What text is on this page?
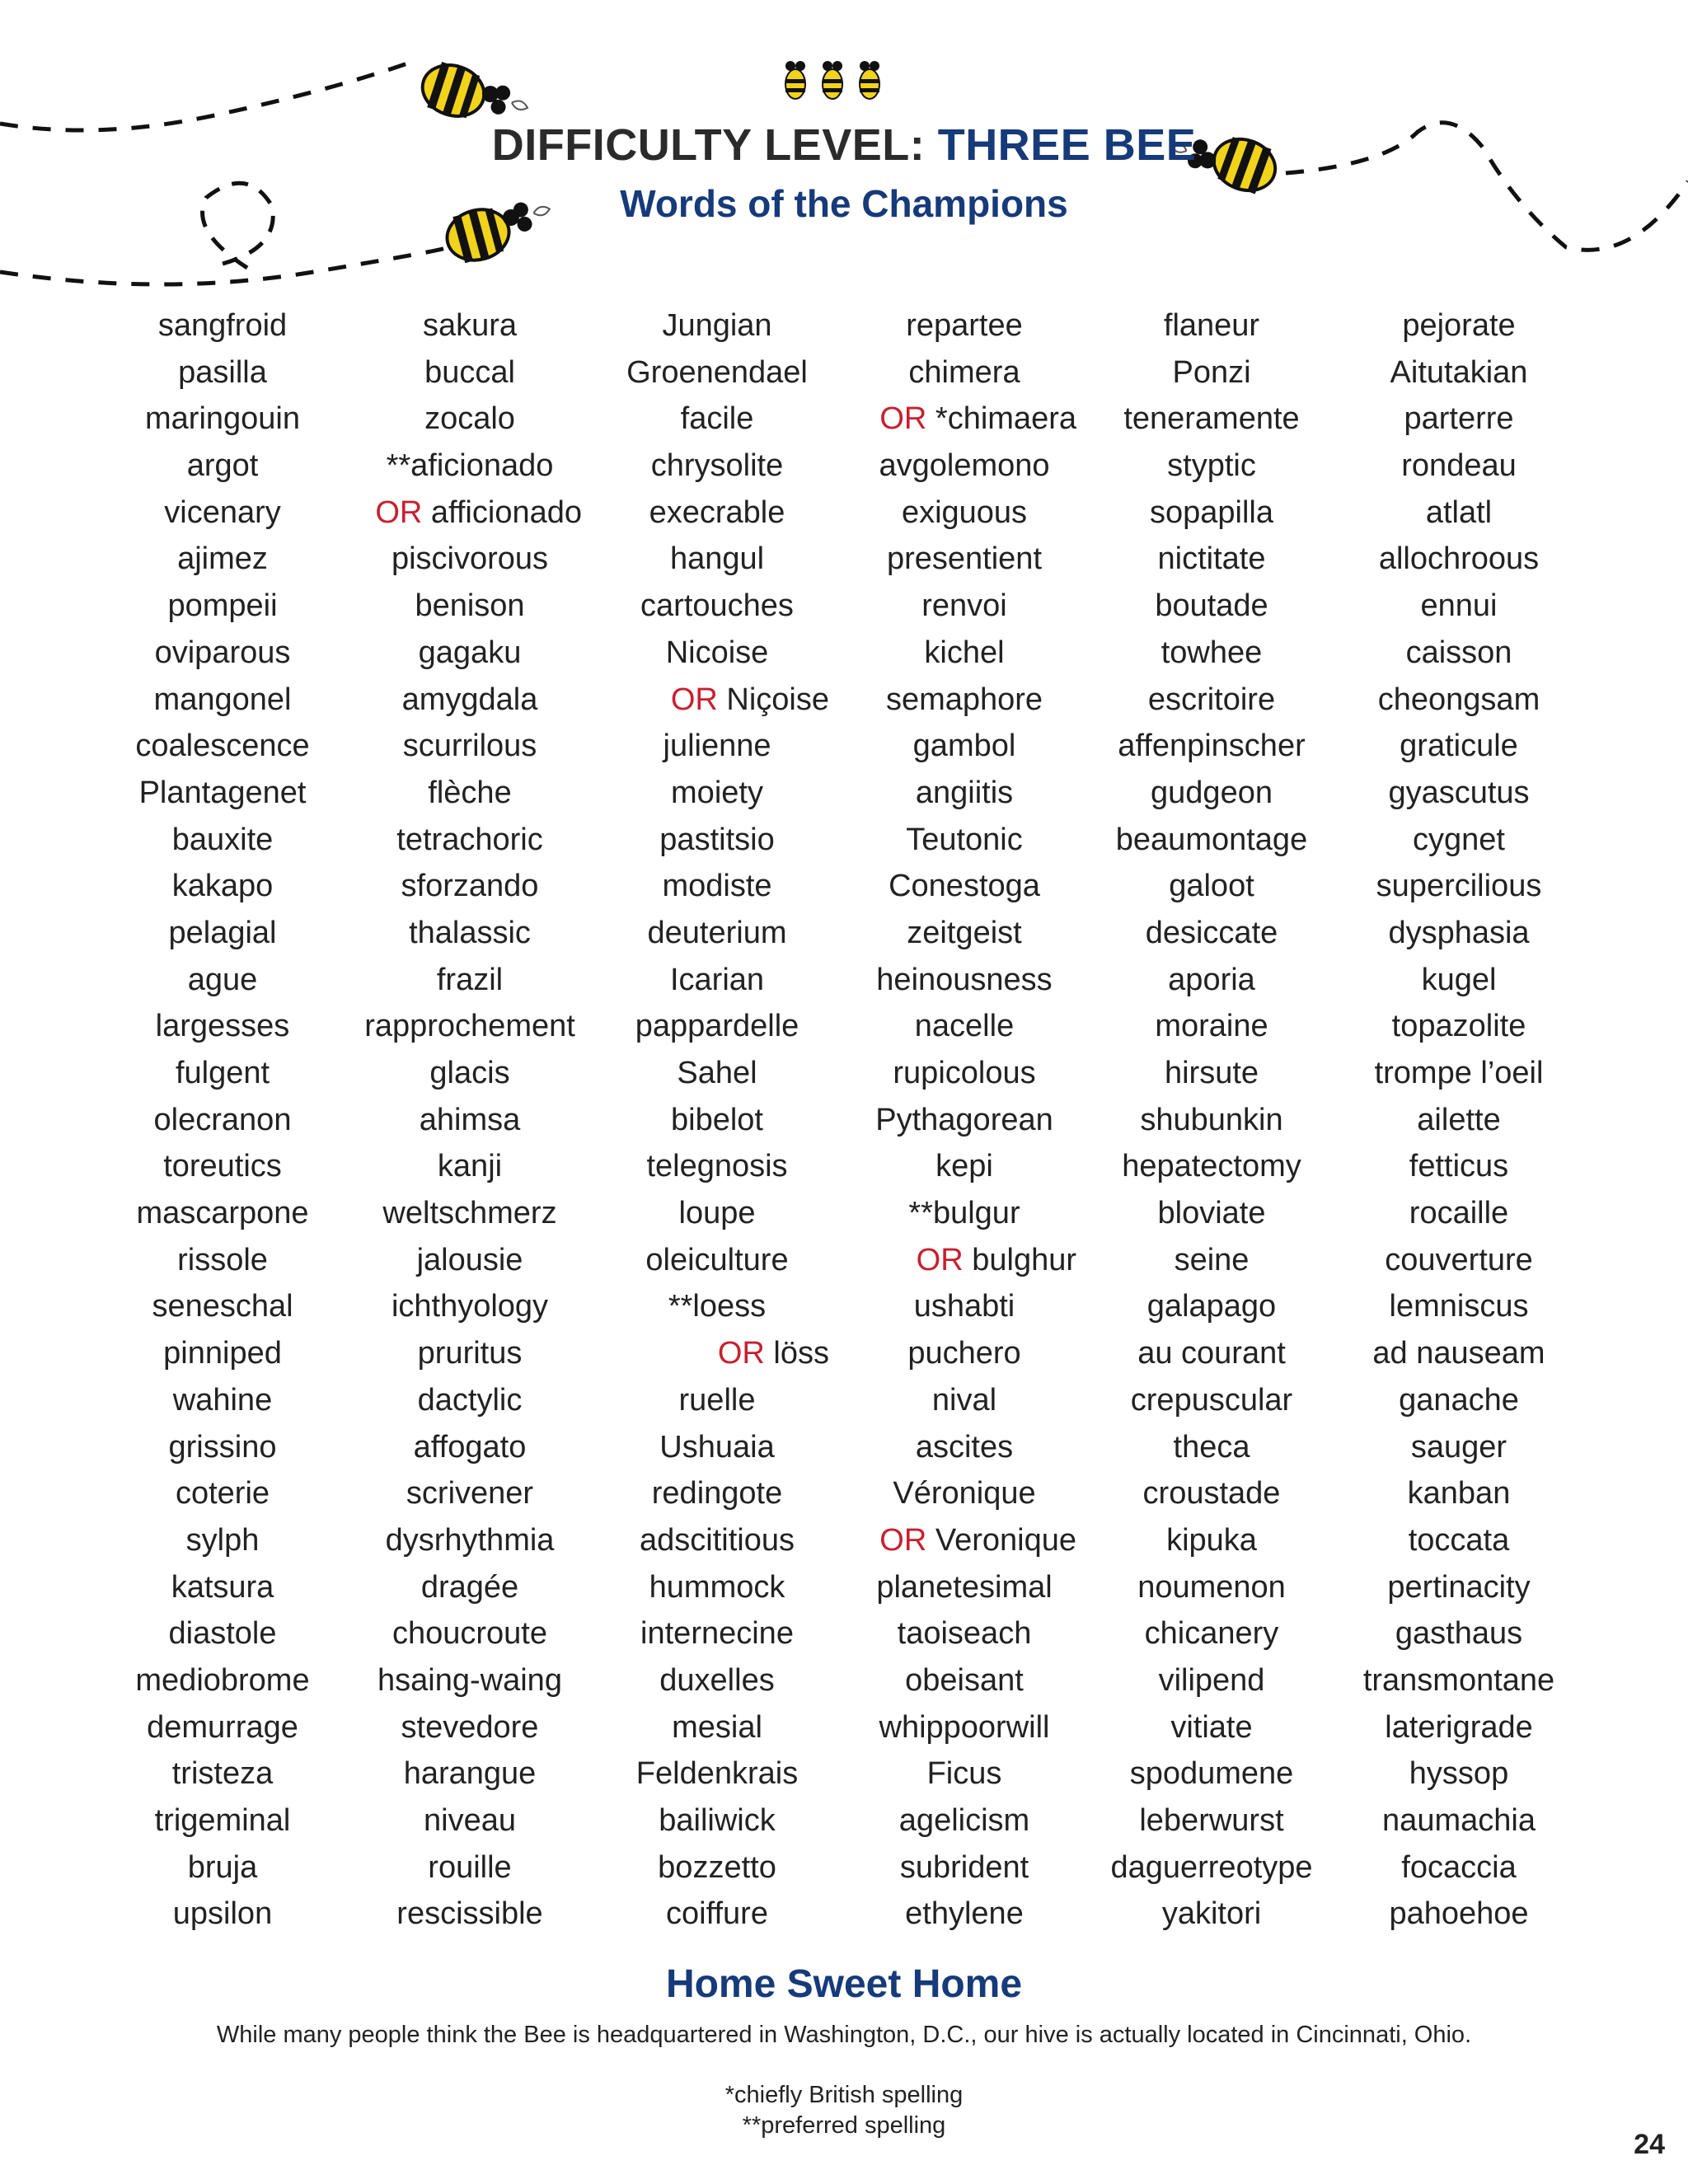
DIFFICULTY LEVEL: THREE BEE
Words of the Champions
sangfroid
pasilla
maringouin
argot
vicenary
ajimez
pompeii
oviparous
mangonel
coalescence
Plantagenet
bauxite
kakapo
pelagial
ague
largesses
fulgent
olecranon
toreutics
mascarpone
rissole
seneschal
pinniped
wahine
grissino
coterie
sylph
katsura
diastole
mediobrome
demurrage
tristeza
trigeminal
bruja
upsilon
sakura
buccal
zocalo
**aficionado
OR afficionado
piscivorous
benison
gagaku
amygdala
scurrilous
flèche
tetrachoric
sforzando
thalassic
frazil
rapprochement
glacis
ahimsa
kanji
weltschmerz
jalousie
ichthyology
pruritus
dactylic
affogato
scrivener
dysrhythmia
dragée
choucroute
hsaing-waing
stevedore
harangue
niveau
rouille
rescissible
Jungian
Groenendael
facile
chrysolite
execrable
hangul
cartouches
Nicoise
OR Niçoise
julienne
moiety
pastitsio
modiste
deuterium
Icarian
pappardelle
Sahel
bibelot
telegnosis
loupe
oleiculture
**loess
OR löss
ruelle
Ushuaia
redingote
adscititious
hummock
internecine
duxelles
mesial
Feldenkrais
bailiwick
bozzetto
coiffure
repartee
chimera
OR *chimaera
avgolemono
exiguous
presentient
renvoi
kichel
semaphore
gambol
angiitis
Teutonic
Conestoga
zeitgeist
heinousness
nacelle
rupicolous
Pythagorean
kepi
**bulgur
OR bulghur
ushabti
puchero
nival
ascites
Véronique
OR Veronique
planetesimal
taoiseach
obeisant
whippoorwill
Ficus
agelicism
subrident
ethylene
flaneur
Ponzi
teneramente
styptic
sopapilla
nictitate
boutade
towhee
escritoire
affenpinscher
gudgeon
beaumontage
galoot
desiccate
aporia
moraine
hirsute
shubunkin
hepatectomy
bloviate
seine
galapago
au courant
crepuscular
theca
croustade
kipuka
noumenon
chicanery
vilipend
vitiate
spodumene
leberwurst
daguerreotype
yakitori
pejorate
Aitutakian
parterre
rondeau
atlatl
allochroous
ennui
caisson
cheongsam
graticule
gyascutus
cygnet
supercilious
dysphasia
kugel
topazolite
trompe l’oeil
ailette
fetticus
rocaille
couverture
lemniscus
ad nauseam
ganache
sauger
kanban
toccata
pertinacity
gasthaus
transmontane
laterigrade
hyssop
naumachia
focaccia
pahoehoe
Home Sweet Home

While many people think the Bee is headquartered in Washington, D.C., our hive is actually located in Cincinnati, Ohio.

*chiefly British spelling

**preferred spelling

24
